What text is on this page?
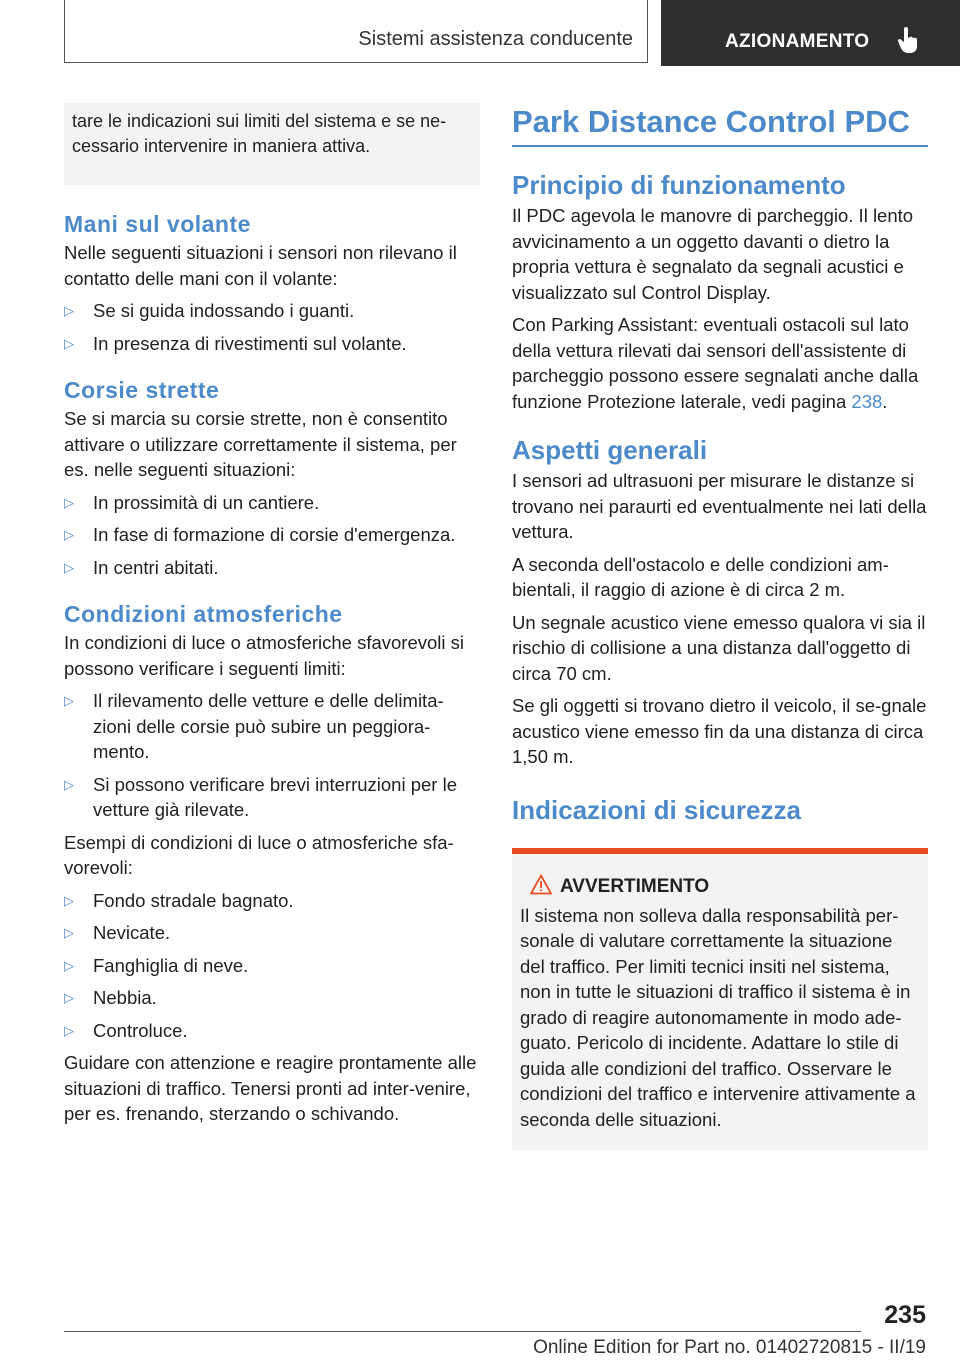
Sistemi assistenza conducente	AZIONAMENTO
tare le indicazioni sui limiti del sistema e se ne-cessario intervenire in maniera attiva.
Mani sul volante

Nelle seguenti situazioni i sensori non rilevano il contatto delle mani con il volante:

▷ Se si guida indossando i guanti.
▷ In presenza di rivestimenti sul volante.
Corsie strette

Se si marcia su corsie strette, non è consentito attivare o utilizzare correttamente il sistema, per es. nelle seguenti situazioni:

▷ In prossimità di un cantiere.
▷ In fase di formazione di corsie d'emergenza.
▷ In centri abitati.
Condizioni atmosferiche

In condizioni di luce o atmosferiche sfavorevoli si possono verificare i seguenti limiti:

▷ Il rilevamento delle vetture e delle delimita-zioni delle corsie può subire un peggiora-mento.
▷ Si possono verificare brevi interruzioni per le vetture già rilevate.

Esempi di condizioni di luce o atmosferiche sfa-vorevoli:

▷ Fondo stradale bagnato.
▷ Nevicate.
▷ Fanghiglia di neve.
▷ Nebbia.
▷ Controluce.

Guidare con attenzione e reagire prontamente alle situazioni di traffico. Tenersi pronti ad inter-venire, per es. frenando, sterzando o schivando.

Park Distance Control PDC
Principio di funzionamento

Il PDC agevola le manovre di parcheggio. Il lento avvicinamento a un oggetto davanti o dietro la propria vettura è segnalato da segnali acustici e visualizzato sul Control Display.

Con Parking Assistant: eventuali ostacoli sul lato della vettura rilevati dai sensori dell'assistente di parcheggio possono essere segnalati anche dalla funzione Protezione laterale, vedi pagina 238.

Aspetti generali

I sensori ad ultrasuoni per misurare le distanze si trovano nei paraurti ed eventualmente nei lati della vettura.

A seconda dell'ostacolo e delle condizioni am-bientali, il raggio di azione è di circa 2 m.

Un segnale acustico viene emesso qualora vi sia il rischio di collisione a una distanza dall'oggetto di circa 70 cm.

Se gli oggetti si trovano dietro il veicolo, il se-gnale acustico viene emesso fin da una distanza di circa 1,50 m.

Indicazioni di sicurezza
AVVERTIMENTO

Il sistema non solleva dalla responsabilità per-sonale di valutare correttamente la situazione del traffico. Per limiti tecnici insiti nel sistema, non in tutte le situazioni di traffico il sistema è in grado di reagire autonomamente in modo ade-guato. Pericolo di incidente. Adattare lo stile di guida alle condizioni del traffico. Osservare le condizioni del traffico e intervenire attivamente a seconda delle situazioni.

235
Online Edition for Part no. 01402720815 - II/19
